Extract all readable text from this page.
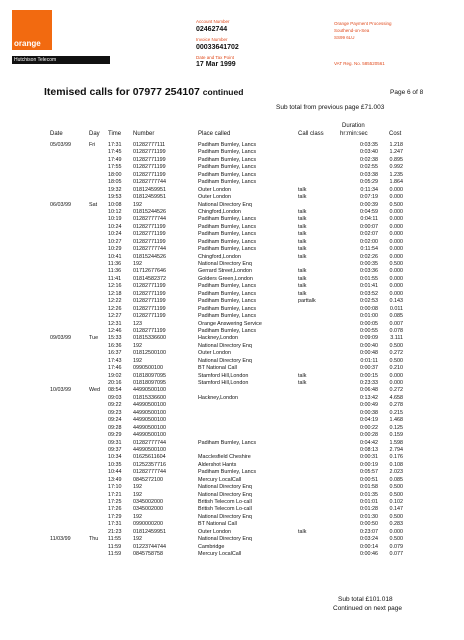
orange
Hutchison Telecom
Account Number
02462744
Invoice Number
00033641702
Date and Tax Point
17 Mar 1999
Orange Payment Processing
Southend-on-Sea
SS99 6LU
VAT Reg. No. 585520561
Itemised calls for 07977 254107 continued	Page 6 of 8
Sub total from previous page £71.003
Duration
Date	Day Time Number	Place called	Call class	hr:min:sec	Cost
05/03/99	Fri 17:31 01282777111	Padiham Burnley, Lancs	0:03:35	1.218
17:45 01282771199	Padiham Burnley, Lancs	0:03:40	1.247
17:49 01282771199	Padiham Burnley, Lancs	0:02:38	0.895
17:55 01282771199	Padiham Burnley, Lancs	0:02:55	0.992
18:00 01282771199	Padiham Burnley, Lancs	0:03:38	1.235
18:05 01282777744	Padiham Burnley, Lancs	0:05:29	1.864
19:32 01812459951	Outer London	talk	0:11:34	0.000
19:53 01812459951	Outer London	talk	0:07:19	0.000
06/03/99	Sat 10:08 192	National Directory Enq	0:00:39	0.500
10:12 01815244526	Chingford,London	talk	0:04:59	0.000
10:19 01282777744	Padiham Burnley, Lancs	talk	0:04:11	0.000
10:24 01282771199	Padiham Burnley, Lancs	talk	0:00:07	0.000
10:24 01282771199	Padiham Burnley, Lancs	talk	0:02:07	0.000
10:27 01282771199	Padiham Burnley, Lancs	talk	0:02:00	0.000
10:29 01282777744	Padiham Burnley, Lancs	talk	0:11:54	0.000
10:41 01815244526	Chingford,London	talk	0:02:26	0.000
11:36 192	National Directory Enq	0:00:35	0.500
11:36 01712677646	Gerrard Street,London	talk	0:03:36	0.000
11:41 01814582372	Golders Green,London	talk	0:01:55	0.000
12:16 01282771199	Padiham Burnley, Lancs	talk	0:01:41	0.000
12:18 01282771199	Padiham Burnley, Lancs	talk	0:03:52	0.000
12:22 01282771199	Padiham Burnley, Lancs	parttalk	0:02:53	0.143
12:26 01282771199	Padiham Burnley, Lancs	0:00:08	0.011
12:27 01282771199	Padiham Burnley, Lancs	0:01:00	0.085
12:31 123	Orange Answering Service	0:00:05	0.007
12:46 01282771199	Padiham Burnley, Lancs	0:00:55	0.078
09/03/99	Tue 15:33 01815336600	Hackney,London	0:09:09	3.111
16:36 192	National Directory Enq	0:00:40	0.500
16:37 01812500100	Outer London	0:00:48	0.272
17:43 192	National Directory Enq	0:01:11	0.500
17:46 0990500100	BT National Call	0:00:37	0.210
19:02 01818097095	Stamford Hill,London	talk	0:00:15	0.000
20:16 01818097095	Stamford Hill,London	talk	0:23:33	0.000
10/03/99	Wed 08:54 44990500100	0:06:48	0.272
09:03 01815336600	Hackney,London	0:13:42	4.658
09:22 44990500100	0:00:49	0.278
09:23 44990500100	0:00:38	0.215
09:24 44990500100	0:04:19	1.468
09:28 44990500100	0:00:22	0.125
09:29 44990500100	0:00:28	0.159
09:31 01282777744	Padiham Burnley, Lancs	0:04:42	1.598
09:37 44990500100	0:08:13	2.794
10:34 01625611604	Macclesfield Cheshire	0:00:31	0.176
10:35 01252357716	Aldershot Hants	0:00:19	0.108
10:44 01282777744	Padiham Burnley, Lancs	0:05:57	2.023
13:49 0845272100	Mercury LocalCall	0:00:51	0.085
17:10 192	National Directory Enq	0:01:58	0.500
17:21 192	National Directory Enq	0:01:35	0.500
17:25 0345002000	British Telecom Lo-call	0:01:01	0.102
17:26 0345002000	British Telecom Lo-call	0:01:28	0.147
17:29 192	National Directory Enq	0:01:30	0.500
17:31 0990000200	BT National Call	0:00:50	0.283
21:23 01812459951	Outer London	talk	0:23:07	0.000
11/03/99	Thu 11:55 192	National Directory Enq	0:03:24	0.500
11:59 01223744744	Cambridge	0:00:14	0.079
11:59 0845758758	Mercury LocalCall	0:00:46	0.077
Sub total £101.018
Continued on next page
